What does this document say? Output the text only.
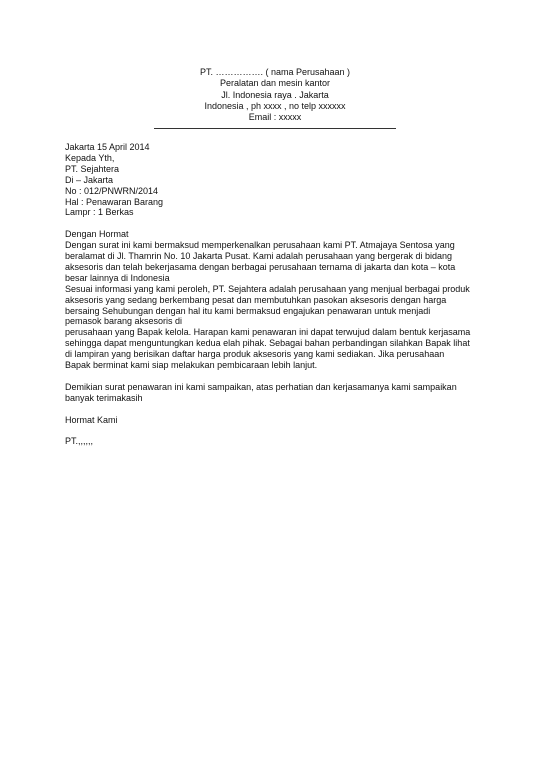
PT. ……………. ( nama Perusahaan )
Peralatan dan mesin kantor
Jl. Indonesia raya . Jakarta
Indonesia , ph xxxx , no telp xxxxxx
Email : xxxxx
Jakarta 15 April 2014
Kepada Yth,
PT. Sejahtera
Di – Jakarta
No : 012/PNWRN/2014
Hal : Penawaran Barang
Lampr : 1 Berkas
Dengan Hormat
Dengan surat ini kami bermaksud memperkenalkan perusahaan kami PT. Atmajaya Sentosa yang
beralamat di Jl. Thamrin No. 10 Jakarta Pusat. Kami adalah perusahaan yang bergerak di bidang
aksesoris dan telah bekerjasama dengan berbagai perusahaan ternama di jakarta dan kota – kota
besar lainnya di Indonesia
Sesuai informasi yang kami peroleh, PT. Sejahtera adalah perusahaan yang menjual berbagai produk
aksesoris yang sedang berkembang pesat dan membutuhkan pasokan aksesoris dengan harga
bersaing Sehubungan dengan hal itu kami bermaksud engajukan penawaran untuk menjadi
pemasok barang aksesoris di
perusahaan yang Bapak kelola. Harapan kami penawaran ini dapat terwujud dalam bentuk kerjasama
sehingga dapat menguntungkan kedua elah pihak. Sebagai bahan perbandingan silahkan Bapak lihat
di lampiran yang berisikan daftar harga produk aksesoris yang kami sediakan. Jika perusahaan
Bapak berminat kami siap melakukan pembicaraan lebih lanjut.
Demikian surat penawaran ini kami sampaikan, atas perhatian dan kerjasamanya kami sampaikan
banyak terimakasih
Hormat Kami
PT.,,,,,,
